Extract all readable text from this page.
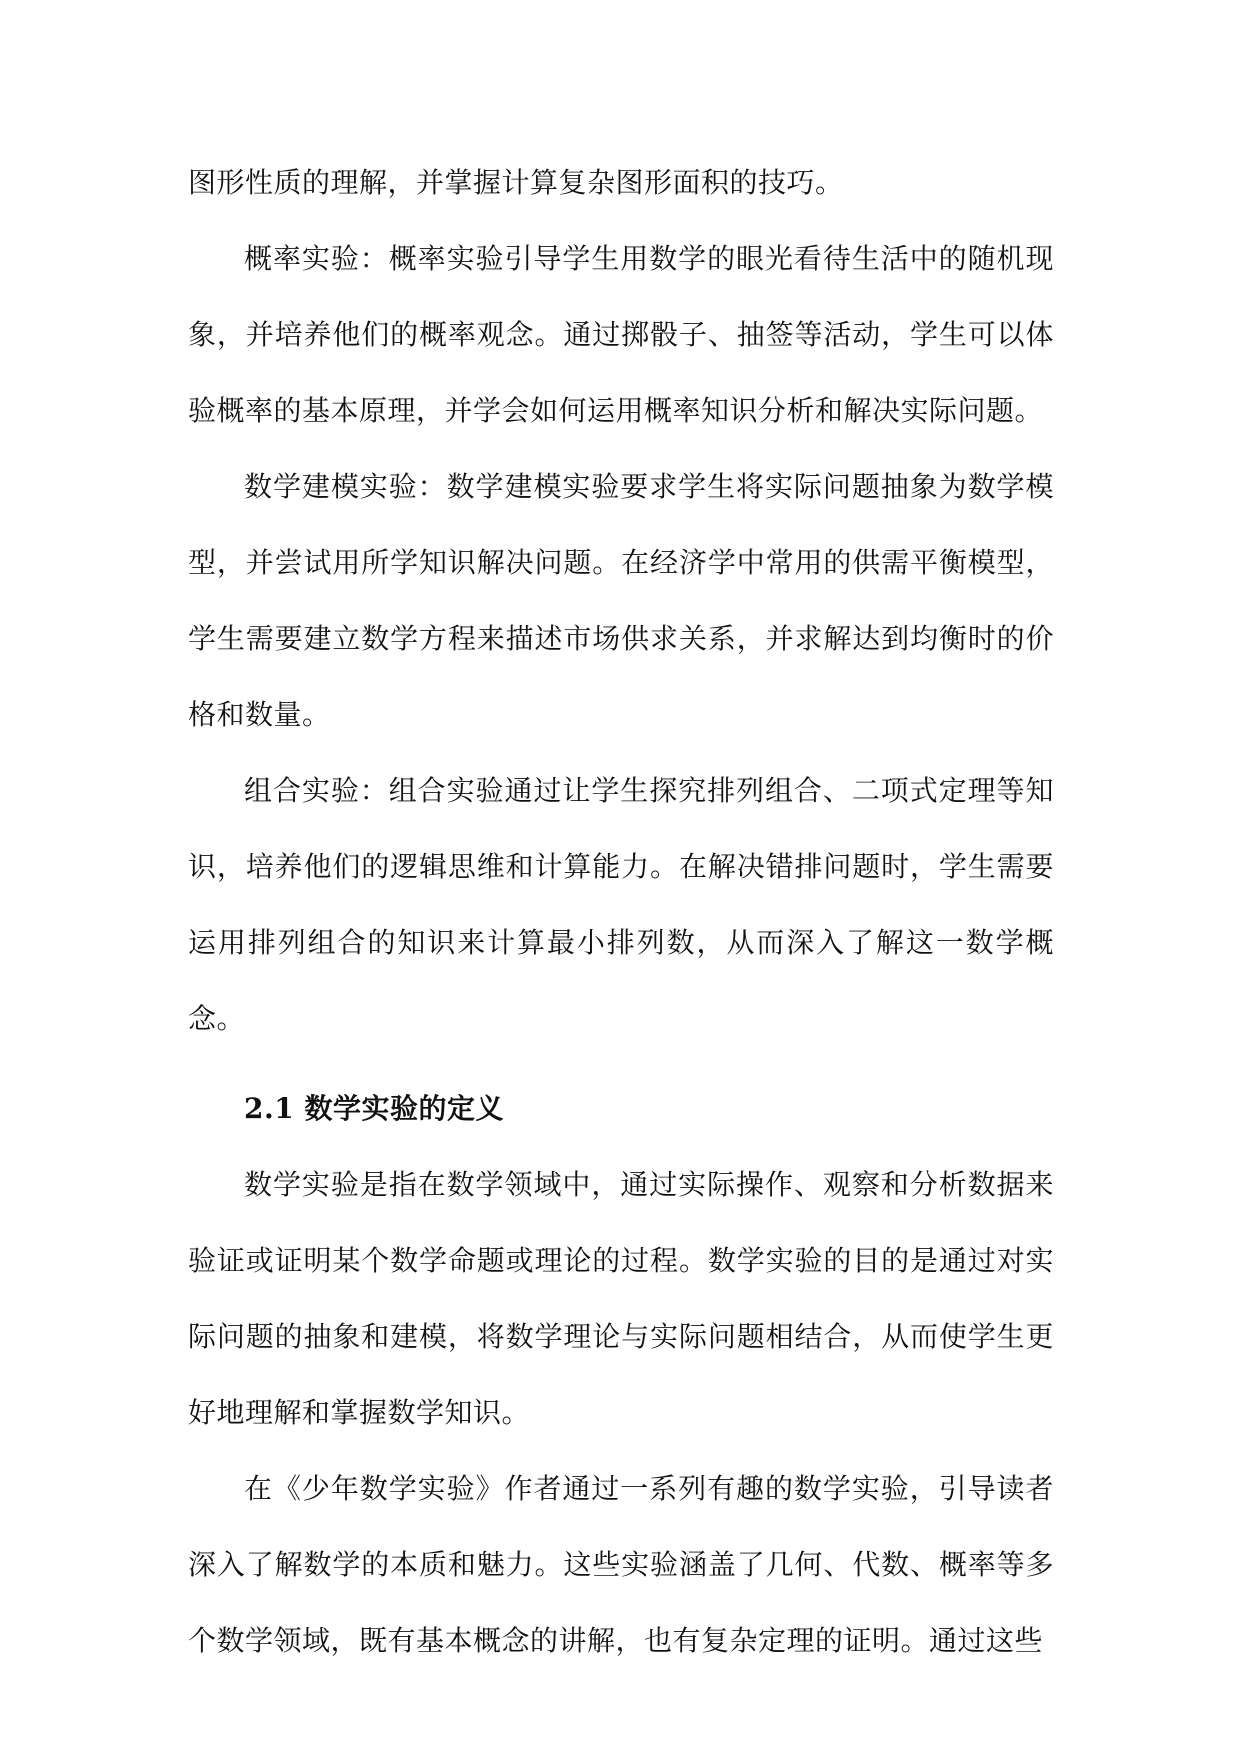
图形性质的理解，并掌握计算复杂图形面积的技巧。

概率实验：概率实验引导学生用数学的眼光看待生活中的随机现象，并培养他们的概率观念。通过掷骰子、抽签等活动，学生可以体验概率的基本原理，并学会如何运用概率知识分析和解决实际问题。

数学建模实验：数学建模实验要求学生将实际问题抽象为数学模型，并尝试用所学知识解决问题。在经济学中常用的供需平衡模型，学生需要建立数学方程来描述市场供求关系，并求解达到均衡时的价格和数量。

组合实验：组合实验通过让学生探究排列组合、二项式定理等知识，培养他们的逻辑思维和计算能力。在解决错排问题时，学生需要运用排列组合的知识来计算最小排列数，从而深入了解这一数学概念。

2.1 数学实验的定义

数学实验是指在数学领域中，通过实际操作、观察和分析数据来验证或证明某个数学命题或理论的过程。数学实验的目的是通过对实际问题的抽象和建模，将数学理论与实际问题相结合，从而使学生更好地理解和掌握数学知识。

在《少年数学实验》作者通过一系列有趣的数学实验，引导读者深入了解数学的本质和魅力。这些实验涵盖了几何、代数、概率等多个数学领域，既有基本概念的讲解，也有复杂定理的证明。通过这些
